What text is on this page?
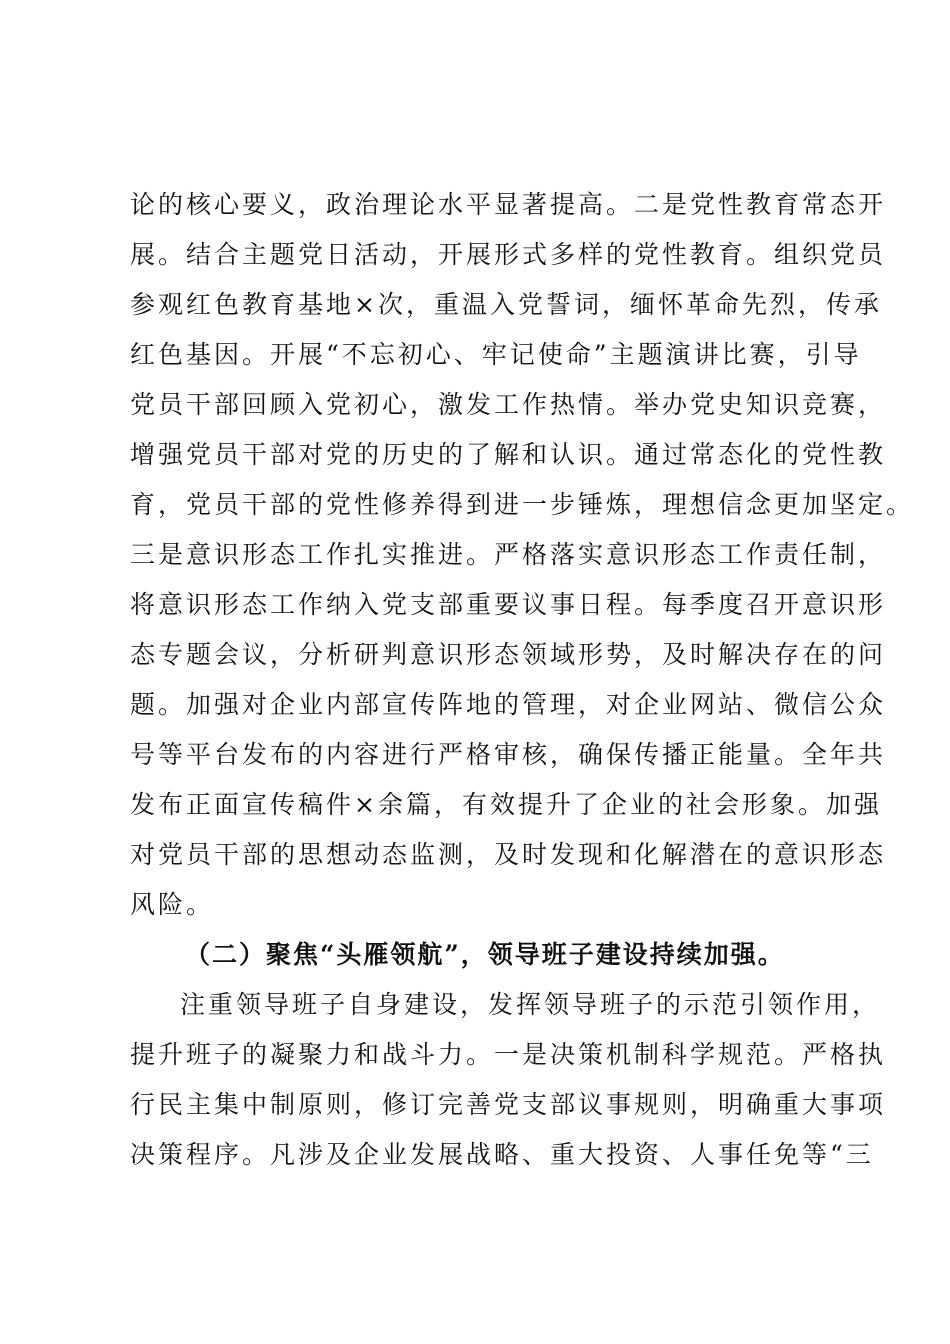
论的核心要义，政治理论水平显著提高。二是党性教育常态开
展。结合主题党日活动，开展形式多样的党性教育。组织党员
参观红色教育基地×次，重温入党誓词，缅怀革命先烈，传承
红色基因。开展“不忘初心、牢记使命”主题演讲比赛，引导
党员干部回顾入党初心，激发工作热情。举办党史知识竞赛，
增强党员干部对党的历史的了解和认识。通过常态化的党性教
育，党员干部的党性修养得到进一步锤炼，理想信念更加坚定。
三是意识形态工作扎实推进。严格落实意识形态工作责任制，
将意识形态工作纳入党支部重要议事日程。每季度召开意识形
态专题会议，分析研判意识形态领域形势，及时解决存在的问
题。加强对企业内部宣传阵地的管理，对企业网站、微信公众
号等平台发布的内容进行严格审核，确保传播正能量。全年共
发布正面宣传稿件×余篇，有效提升了企业的社会形象。加强
对党员干部的思想动态监测，及时发现和化解潜在的意识形态
风险。
（二）聚焦“头雁领航”，领导班子建设持续加强。
注重领导班子自身建设，发挥领导班子的示范引领作用，
提升班子的凝聚力和战斗力。一是决策机制科学规范。严格执
行民主集中制原则，修订完善党支部议事规则，明确重大事项
决策程序。凡涉及企业发展战略、重大投资、人事任免等“三
